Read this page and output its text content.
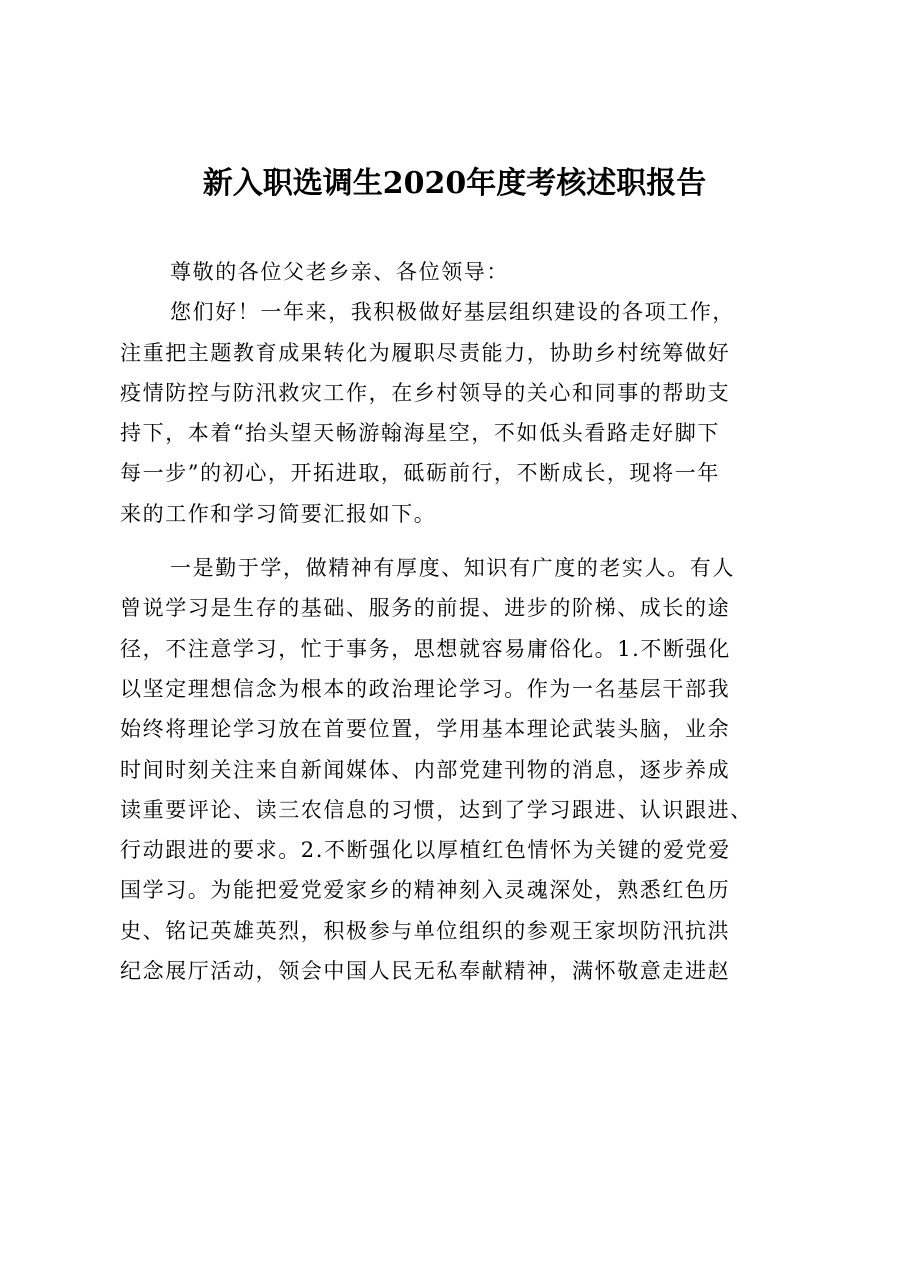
新入职选调生2020年度考核述职报告

尊敬的各位父老乡亲、各位领导：

您们好！一年来，我积极做好基层组织建设的各项工作，

注重把主题教育成果转化为履职尽责能力，协助乡村统筹做好

疫情防控与防汛救灾工作，在乡村领导的关心和同事的帮助支

持下，本着“抬头望天畅游翰海星空，不如低头看路走好脚下

每一步”的初心，开拓进取，砥砺前行，不断成长，现将一年

来的工作和学习简要汇报如下。

一是勤于学，做精神有厚度、知识有广度的老实人。有人

曾说学习是生存的基础、服务的前提、进步的阶梯、成长的途

径，不注意学习，忙于事务，思想就容易庸俗化。1.不断强化

以坚定理想信念为根本的政治理论学习。作为一名基层干部我

始终将理论学习放在首要位置，学用基本理论武装头脑，业余

时间时刻关注来自新闻媒体、内部党建刊物的消息，逐步养成

读重要评论、读三农信息的习惯，达到了学习跟进、认识跟进、

行动跟进的要求。2.不断强化以厚植红色情怀为关键的爱党爱

国学习。为能把爱党爱家乡的精神刻入灵魂深处，熟悉红色历

史、铭记英雄英烈，积极参与单位组织的参观王家坝防汛抗洪

纪念展厅活动，领会中国人民无私奉献精神，满怀敬意走进赵
